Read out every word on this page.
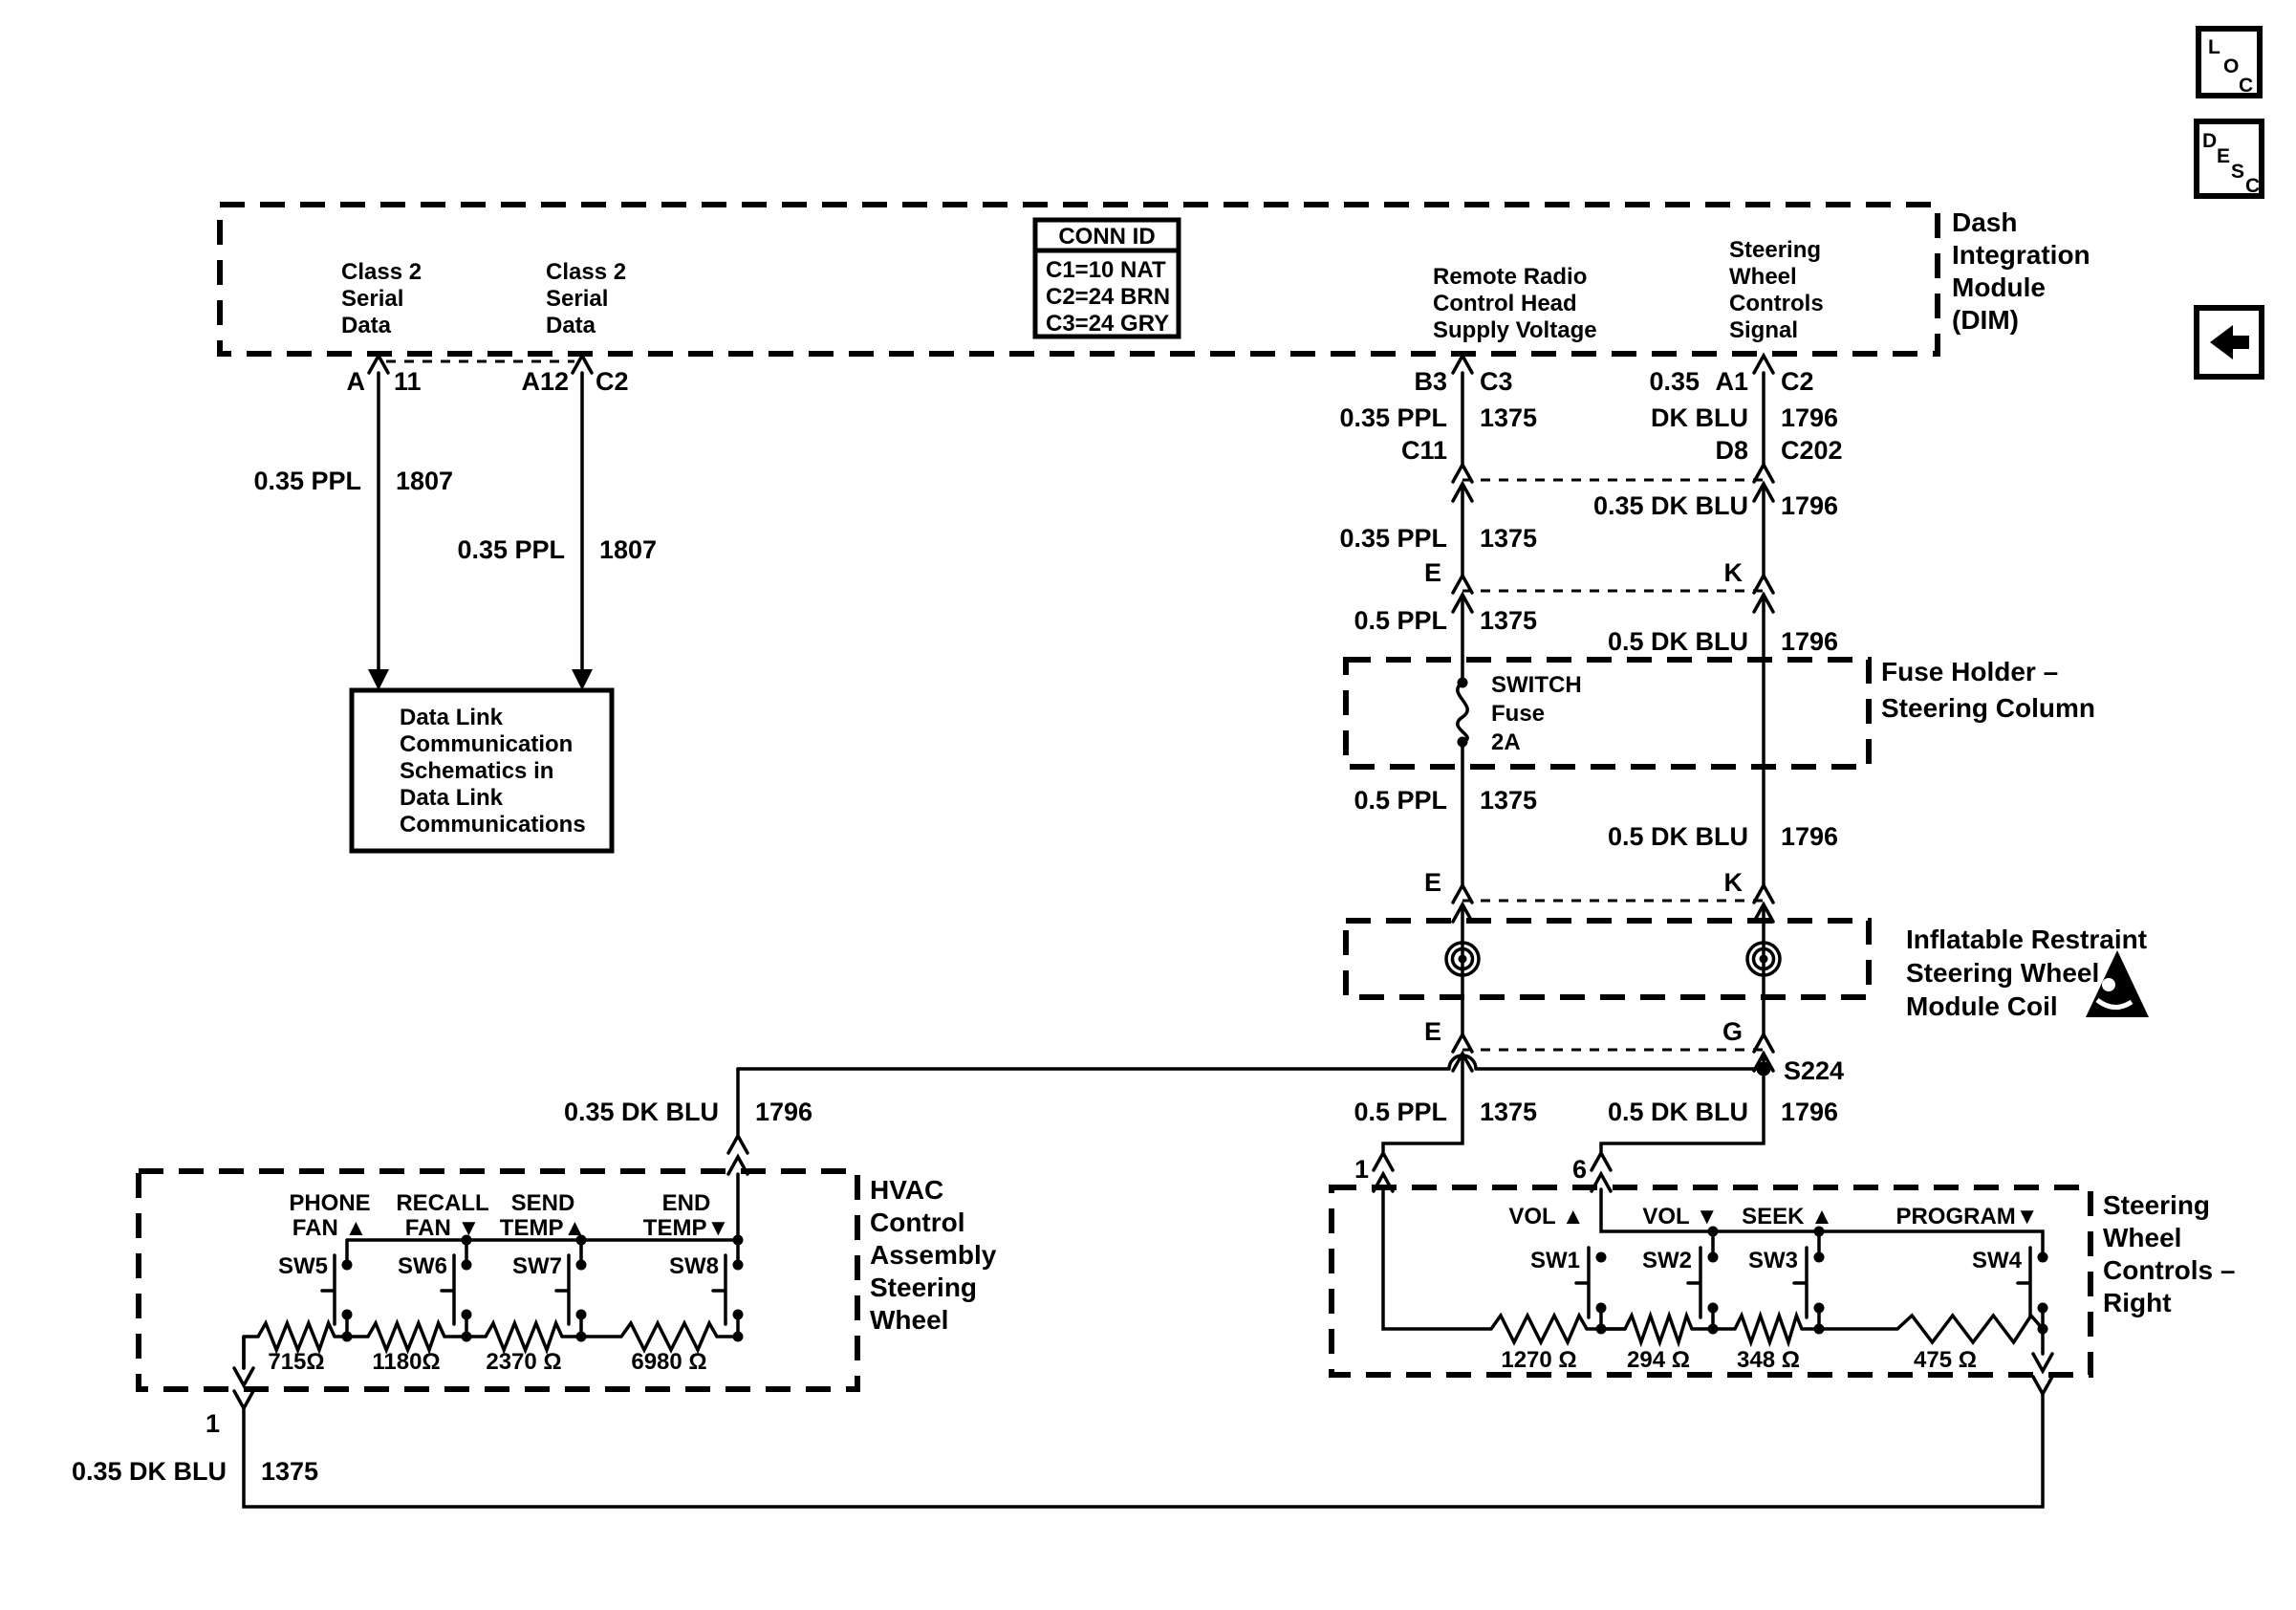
L
O
C
D
E
S
C
Dash
Integration
Module
(DIM)
Class 2
Serial
Data
Class 2
Serial
Data
CONN ID
C1=10 NAT
C2=24 BRN
C3=24 GRY
Remote Radio
Control Head
Supply Voltage
Steering
Wheel
Controls
Signal
A 11	A12 C2	B3 C3	0.35 A1 C2
0.35 PPL 1375	DK BLU 1796
C11	D8 C202
0.35 PPL 1807
0.35 PPL 1807
Data Link
Communication
Schematics in
Data Link
Communications
0.35 DK BLU 1796
0.35 PPL 1375
E	K
0.5 PPL 1375
0.5 DK BLU 1796
SWITCH
Fuse
2A
Fuse Holder –
Steering Column
0.5 PPL 1375
0.5 DK BLU 1796
E	K
Inflatable Restraint
Steering Wheel
Module Coil
E	G
S224
0.35 DK BLU 1796	0.5 PPL 1375	0.5 DK BLU 1796
1	6
HVAC
Control
Assembly
Steering
Wheel
PHONE
FAN ▲
RECALL
FAN ▼
SEND
TEMP▲
END
TEMP▼
SW5	SW6	SW7	SW8
715Ω 1180Ω 2370 Ω	6980 Ω
1
Steering
Wheel
Controls –
Right
VOL ▲	VOL ▼ SEEK ▲	PROGRAM▼
SW1	SW2 SW3	SW4
1270 Ω 294 Ω 348 Ω	475 Ω
0.35 DK BLU 1375
